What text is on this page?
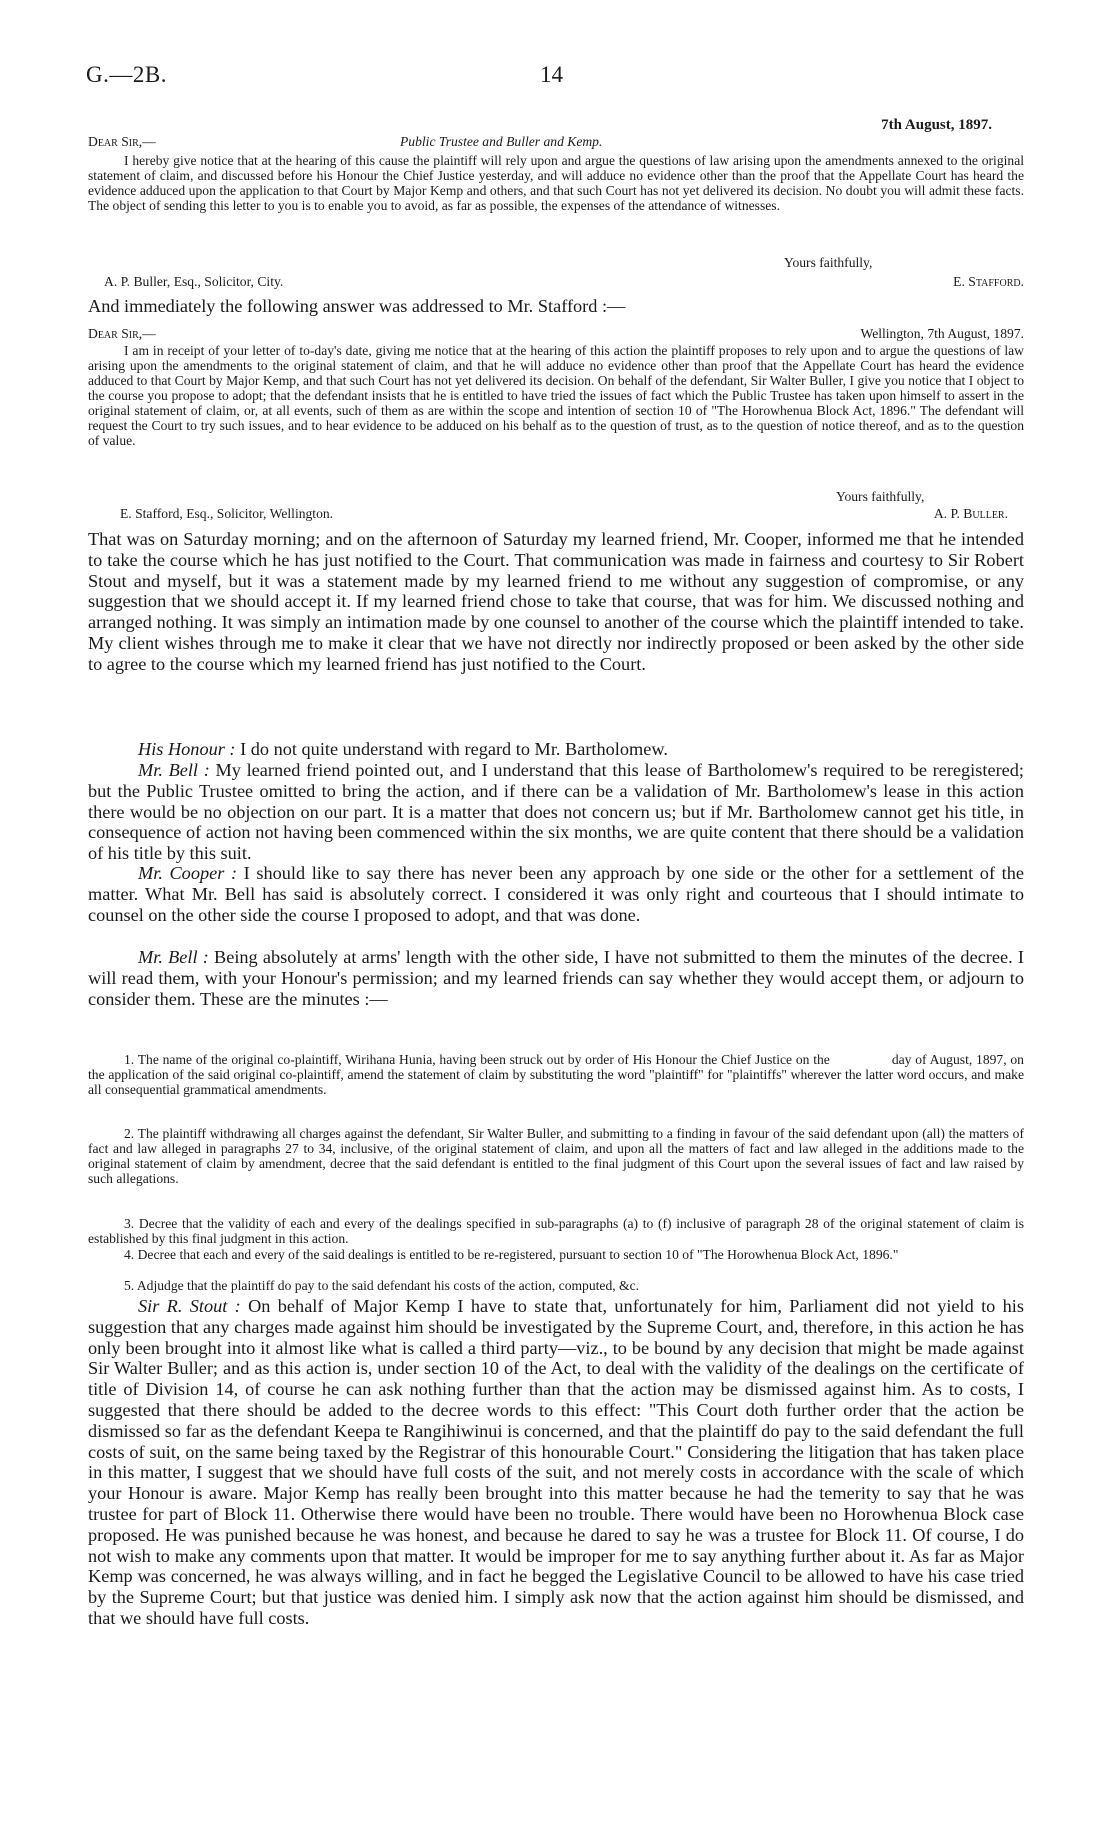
G.—2B.	14
7th August, 1897.
Dear Sir,—	Public Trustee and Buller and Kemp.

I hereby give notice that at the hearing of this cause the plaintiff will rely upon and argue the questions of law arising upon the amendments annexed to the original statement of claim, and discussed before his Honour the Chief Justice yesterday, and will adduce no evidence other than the proof that the Appellate Court has heard the evidence adduced upon the application to that Court by Major Kemp and others, and that such Court has not yet delivered its decision. No doubt you will admit these facts. The object of sending this letter to you is to enable you to avoid, as far as possible, the expenses of the attendance of witnesses.

Yours faithfully,
A. P. Buller, Esq., Solicitor, City.	E. Stafford.
And immediately the following answer was addressed to Mr. Stafford :—
Dear Sir,—	Wellington, 7th August, 1897.

I am in receipt of your letter of to-day's date, giving me notice that at the hearing of this action the plaintiff proposes to rely upon and to argue the questions of law arising upon the amendments to the original statement of claim, and that he will adduce no evidence other than proof that the Appellate Court has heard the evidence adduced to that Court by Major Kemp, and that such Court has not yet delivered its decision. On behalf of the defendant, Sir Walter Buller, I give you notice that I object to the course you propose to adopt; that the defendant insists that he is entitled to have tried the issues of fact which the Public Trustee has taken upon himself to assert in the original statement of claim, or, at all events, such of them as are within the scope and intention of section 10 of "The Horowhenua Block Act, 1896." The defendant will request the Court to try such issues, and to hear evidence to be adduced on his behalf as to the question of trust, as to the question of notice thereof, and as to the question of value.

Yours faithfully,
E. Stafford, Esq., Solicitor, Wellington.	A. P. Buller.

That was on Saturday morning; and on the afternoon of Saturday my learned friend, Mr. Cooper, informed me that he intended to take the course which he has just notified to the Court. That communication was made in fairness and courtesy to Sir Robert Stout and myself, but it was a statement made by my learned friend to me without any suggestion of compromise, or any suggestion that we should accept it. If my learned friend chose to take that course, that was for him. We discussed nothing and arranged nothing. It was simply an intimation made by one counsel to another of the course which the plaintiff intended to take. My client wishes through me to make it clear that we have not directly nor indirectly proposed or been asked by the other side to agree to the course which my learned friend has just notified to the Court.

His Honour : I do not quite understand with regard to Mr. Bartholomew.

Mr. Bell : My learned friend pointed out, and I understand that this lease of Bartholomew's required to be reregistered; but the Public Trustee omitted to bring the action, and if there can be a validation of Mr. Bartholomew's lease in this action there would be no objection on our part. It is a matter that does not concern us; but if Mr. Bartholomew cannot get his title, in consequence of action not having been commenced within the six months, we are quite content that there should be a validation of his title by this suit.

Mr. Cooper : I should like to say there has never been any approach by one side or the other for a settlement of the matter. What Mr. Bell has said is absolutely correct. I considered it was only right and courteous that I should intimate to counsel on the other side the course I proposed to adopt, and that was done.

Mr. Bell : Being absolutely at arms' length with the other side, I have not submitted to them the minutes of the decree. I will read them, with your Honour's permission; and my learned friends can say whether they would accept them, or adjourn to consider them. These are the minutes :—

1. The name of the original co-plaintiff, Wirihana Hunia, having been struck out by order of His Honour the Chief Justice on the	day of August, 1897, on the application of the said original co-plaintiff, amend the statement of claim by substituting the word "plaintiff" for "plaintiffs" wherever the latter word occurs, and make all consequential grammatical amendments.

2. The plaintiff withdrawing all charges against the defendant, Sir Walter Buller, and submitting to a finding in favour of the said defendant upon (all) the matters of fact and law alleged in paragraphs 27 to 34, inclusive, of the original statement of claim, and upon all the matters of fact and law alleged in the additions made to the original statement of claim by amendment, decree that the said defendant is entitled to the final judgment of this Court upon the several issues of fact and law raised by such allegations.

3. Decree that the validity of each and every of the dealings specified in sub-paragraphs (a) to (f) inclusive of paragraph 28 of the original statement of claim is established by this final judgment in this action.

4. Decree that each and every of the said dealings is entitled to be re-registered, pursuant to section 10 of "The Horowhenua Block Act, 1896."

5. Adjudge that the plaintiff do pay to the said defendant his costs of the action, computed, &c.

Sir R. Stout : On behalf of Major Kemp I have to state that, unfortunately for him, Parliament did not yield to his suggestion that any charges made against him should be investigated by the Supreme Court, and, therefore, in this action he has only been brought into it almost like what is called a third party—viz., to be bound by any decision that might be made against Sir Walter Buller; and as this action is, under section 10 of the Act, to deal with the validity of the dealings on the certificate of title of Division 14, of course he can ask nothing further than that the action may be dismissed against him. As to costs, I suggested that there should be added to the decree words to this effect: "This Court doth further order that the action be dismissed so far as the defendant Keepa te Rangihiwinui is concerned, and that the plaintiff do pay to the said defendant the full costs of suit, on the same being taxed by the Registrar of this honourable Court." Considering the litigation that has taken place in this matter, I suggest that we should have full costs of the suit, and not merely costs in accordance with the scale of which your Honour is aware. Major Kemp has really been brought into this matter because he had the temerity to say that he was trustee for part of Block 11. Otherwise there would have been no trouble. There would have been no Horowhenua Block case proposed. He was punished because he was honest, and because he dared to say he was a trustee for Block 11. Of course, I do not wish to make any comments upon that matter. It would be improper for me to say anything further about it. As far as Major Kemp was concerned, he was always willing, and in fact he begged the Legislative Council to be allowed to have his case tried by the Supreme Court; but that justice was denied him. I simply ask now that the action against him should be dismissed, and that we should have full costs.
